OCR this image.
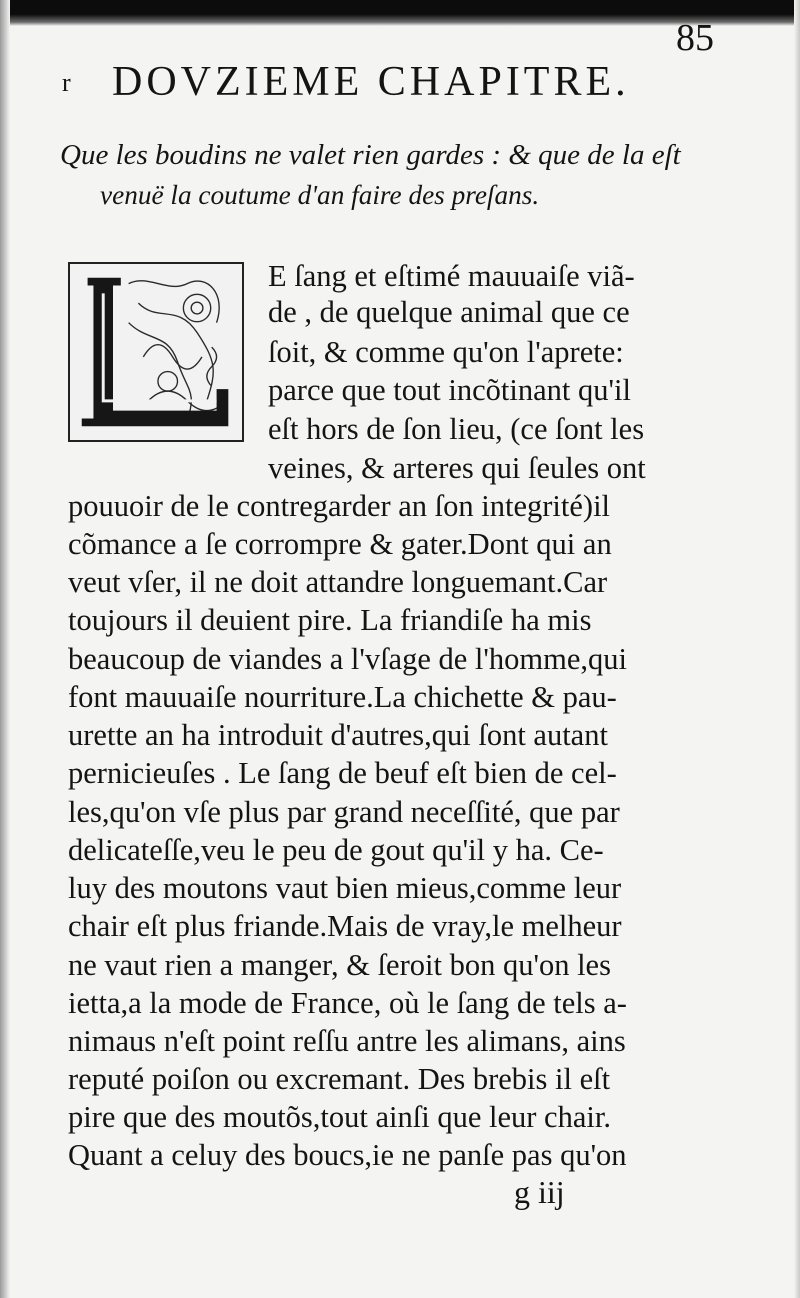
85
r DOVZIEME CHAPITRE.
Que les boudins ne valet rien gardes : & que de la eſt
venuë la coutume d'an faire des preſans.
E ſang et eſtimé mauuaiſe viã-
de , de quelque animal que ce
ſoit, & comme qu'on l'aprete:
parce que tout incõtinant qu'il
eſt hors de ſon lieu, (ce ſont les
veines, & arteres qui ſeules ont
pouuoir de le contregarder an ſon integrité)il
cõmance a ſe corrompre & gater.Dont qui an
veut vſer, il ne doit attandre longuemant.Car
toujours il deuient pire. La friandiſe ha mis
beaucoup de viandes a l'vſage de l'homme,qui
font mauuaiſe nourriture.La chichette & pau-
urette an ha introduit d'autres,qui ſont autant
pernicieuſes . Le ſang de beuf eſt bien de cel-
les,qu'on vſe plus par grand neceſſité, que par
delicateſſe,veu le peu de gout qu'il y ha. Ce-
luy des moutons vaut bien mieus,comme leur
chair eſt plus friande.Mais de vray,le melheur
ne vaut rien a manger, & ſeroit bon qu'on les
ietta,a la mode de France, où le ſang de tels a-
nimaus n'eſt point reſſu antre les alimans, ains
reputé poiſon ou excremant. Des brebis il eſt
pire que des moutõs,tout ainſi que leur chair.
Quant a celuy des boucs,ie ne panſe pas qu'on
g iij
